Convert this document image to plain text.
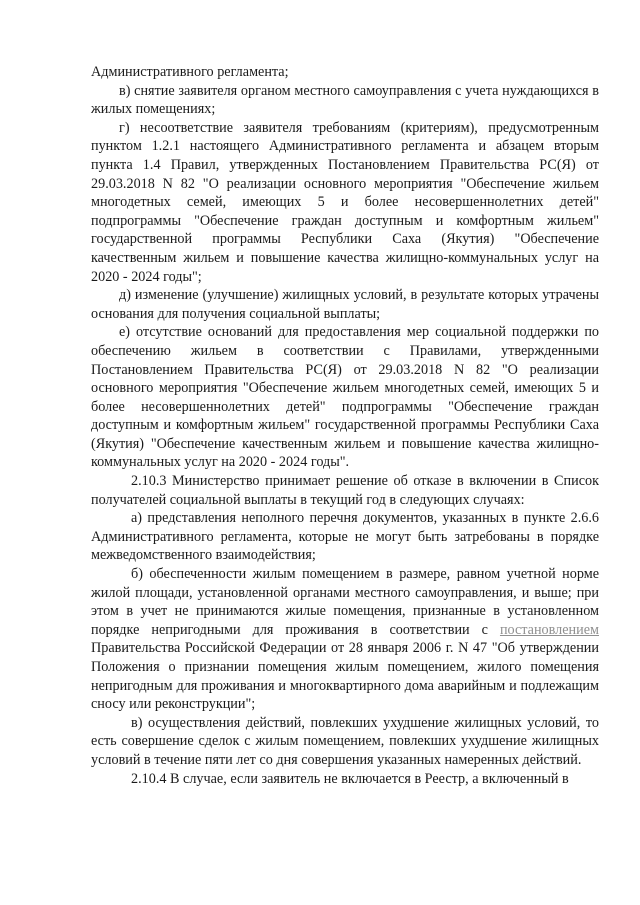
Административного регламента;

в) снятие заявителя органом местного самоуправления с учета нуждающихся в жилых помещениях;

г) несоответствие заявителя требованиям (критериям), предусмотренным пунктом 1.2.1 настоящего Административного регламента и абзацем вторым пункта 1.4 Правил, утвержденных Постановлением Правительства РС(Я) от 29.03.2018 N 82 "О реализации основного мероприятия "Обеспечение жильем многодетных семей, имеющих 5 и более несовершеннолетних детей" подпрограммы "Обеспечение граждан доступным и комфортным жильем" государственной программы Республики Саха (Якутия) "Обеспечение качественным жильем и повышение качества жилищно-коммунальных услуг на 2020 - 2024 годы";

д) изменение (улучшение) жилищных условий, в результате которых утрачены основания для получения социальной выплаты;

е) отсутствие оснований для предоставления мер социальной поддержки по обеспечению жильем в соответствии с Правилами, утвержденными Постановлением Правительства РС(Я) от 29.03.2018 N 82 "О реализации основного мероприятия "Обеспечение жильем многодетных семей, имеющих 5 и более несовершеннолетних детей" подпрограммы "Обеспечение граждан доступным и комфортным жильем" государственной программы Республики Саха (Якутия) "Обеспечение качественным жильем и повышение качества жилищно-коммунальных услуг на 2020 - 2024 годы".

2.10.3 Министерство принимает решение об отказе в включении в Список получателей социальной выплаты в текущий год в следующих случаях:

а) представления неполного перечня документов, указанных в пункте 2.6.6 Административного регламента, которые не могут быть затребованы в порядке межведомственного взаимодействия;

б) обеспеченности жилым помещением в размере, равном учетной норме жилой площади, установленной органами местного самоуправления, и выше; при этом в учет не принимаются жилые помещения, признанные в установленном порядке непригодными для проживания в соответствии с постановлением Правительства Российской Федерации от 28 января 2006 г. N 47 "Об утверждении Положения о признании помещения жилым помещением, жилого помещения непригодным для проживания и многоквартирного дома аварийным и подлежащим сносу или реконструкции";

в) осуществления действий, повлекших ухудшение жилищных условий, то есть совершение сделок с жилым помещением, повлекших ухудшение жилищных условий в течение пяти лет со дня совершения указанных намеренных действий.

2.10.4 В случае, если заявитель не включается в Реестр, а включенный в
